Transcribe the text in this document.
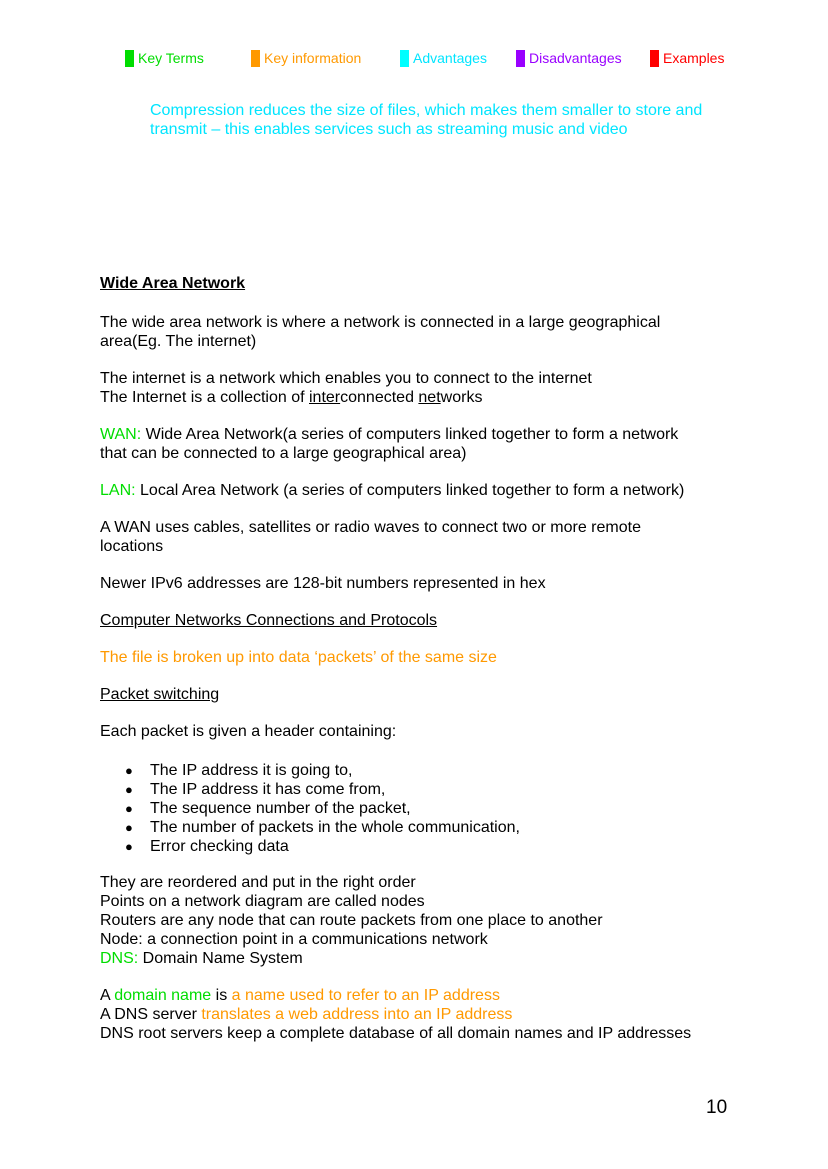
Key Terms	Key information	Advantages	Disadvantages	Examples
Compression reduces the size of files, which makes them smaller to store and
transmit – this enables services such as streaming music and video
Wide Area Network
The wide area network is where a network is connected in a large geographical
area(Eg. The internet)
The internet is a network which enables you to connect to the internet
The Internet is a collection of interconnected networks
WAN: Wide Area Network(a series of computers linked together to form a network
that can be connected to a large geographical area)
LAN: Local Area Network (a series of computers linked together to form a network)
A WAN uses cables, satellites or radio waves to connect two or more remote
locations
Newer IPv6 addresses are 128-bit numbers represented in hex
Computer Networks Connections and Protocols
The file is broken up into data ‘packets’ of the same size
Packet switching
Each packet is given a header containing:
●	The IP address it is going to,
●	The IP address it has come from,
●	The sequence number of the packet,
●	The number of packets in the whole communication,
●	Error checking data
They are reordered and put in the right order
Points on a network diagram are called nodes
Routers are any node that can route packets from one place to another
Node: a connection point in a communications network
DNS: Domain Name System
A domain name is a name used to refer to an IP address
A DNS server translates a web address into an IP address
DNS root servers keep a complete database of all domain names and IP addresses
10
